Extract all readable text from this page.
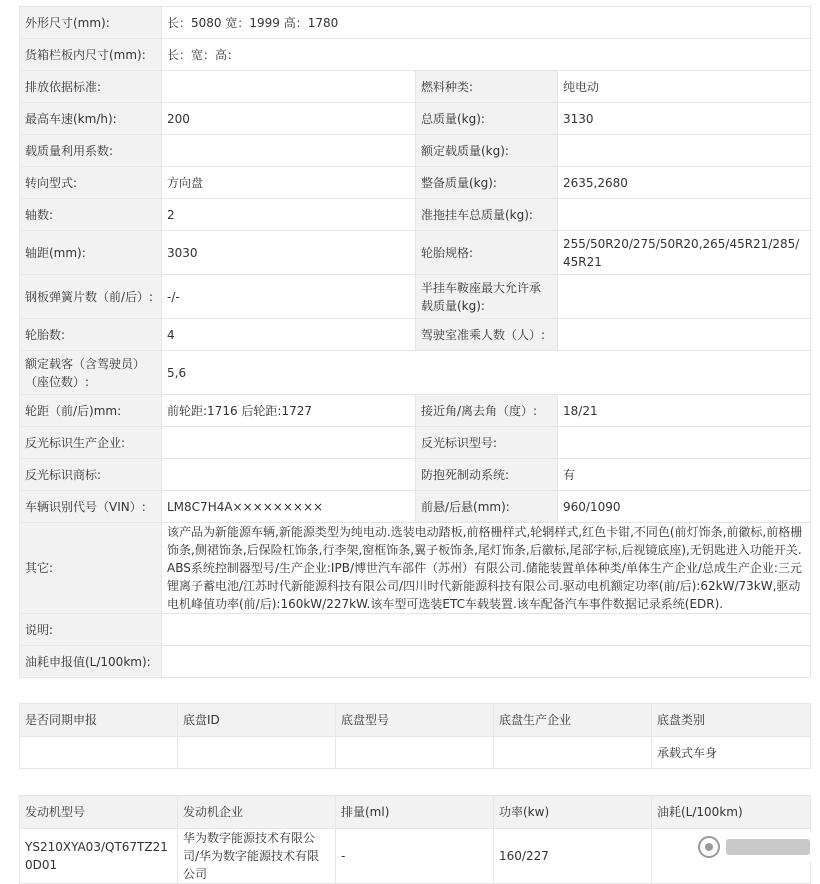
外形尺寸(mm):	长：5080 宽：1999 高：1780		
货箱栏板内尺寸(mm):	长：宽：高：		
排放依据标准:		燃料种类:	纯电动
最高车速(km/h):	200	总质量(kg):	3130
载质量利用系数:		额定载质量(kg):	
转向型式:	方向盘	整备质量(kg):	2635,2680
轴数:	2	准拖挂车总质量(kg):	
轴距(mm):	3030	轮胎规格:	255/50R20/275/50R20,265/45R21/285/45R21
钢板弹簧片数（前/后）:	-/-	半挂车鞍座最大允许承载质量(kg):	
轮胎数:	4	驾驶室准乘人数（人）:	
额定载客（含驾驶员）（座位数）:	5,6		
轮距（前/后)mm:	前轮距:1716 后轮距:1727	接近角/离去角（度）:	18/21
反光标识生产企业:		反光标识型号:	
反光标识商标:		防抱死制动系统:	有
车辆识别代号（VIN）:	LM8C7H4A×××××××××	前悬/后悬(mm):	960/1090
其它:	该产品为新能源车辆,新能源类型为纯电动.选装电动踏板,前格栅样式,轮辋样式,红色卡钳,不同色(前灯饰条,前徽标,前格栅饰条,侧裙饰条,后保险杠饰条,行李架,窗框饰条,翼子板饰条,尾灯饰条,后徽标,尾部字标,后视镜底座),无钥匙进入功能开关.ABS系统控制器型号/生产企业:IPB/博世汽车部件（苏州）有限公司.储能装置单体种类/单体生产企业/总成生产企业:三元锂离子蓄电池/江苏时代新能源科技有限公司/四川时代新能源科技有限公司.驱动电机额定功率(前/后):62kW/73kW,驱动电机峰值功率(前/后):160kW/227kW.该车型可选装ETC车载装置.该车配备汽车事件数据记录系统(EDR).		
说明:			
油耗申报值(L/100km):			
是否同期申报	底盘ID	底盘型号	底盘生产企业	底盘类别
				承载式车身
发动机型号	发动机企业	排量(ml)	功率(kw)	油耗(L/100km)
YS210XYA03/QT67TZ210D01	华为数字能源技术有限公司/华为数字能源技术有限公司	-	160/227	
